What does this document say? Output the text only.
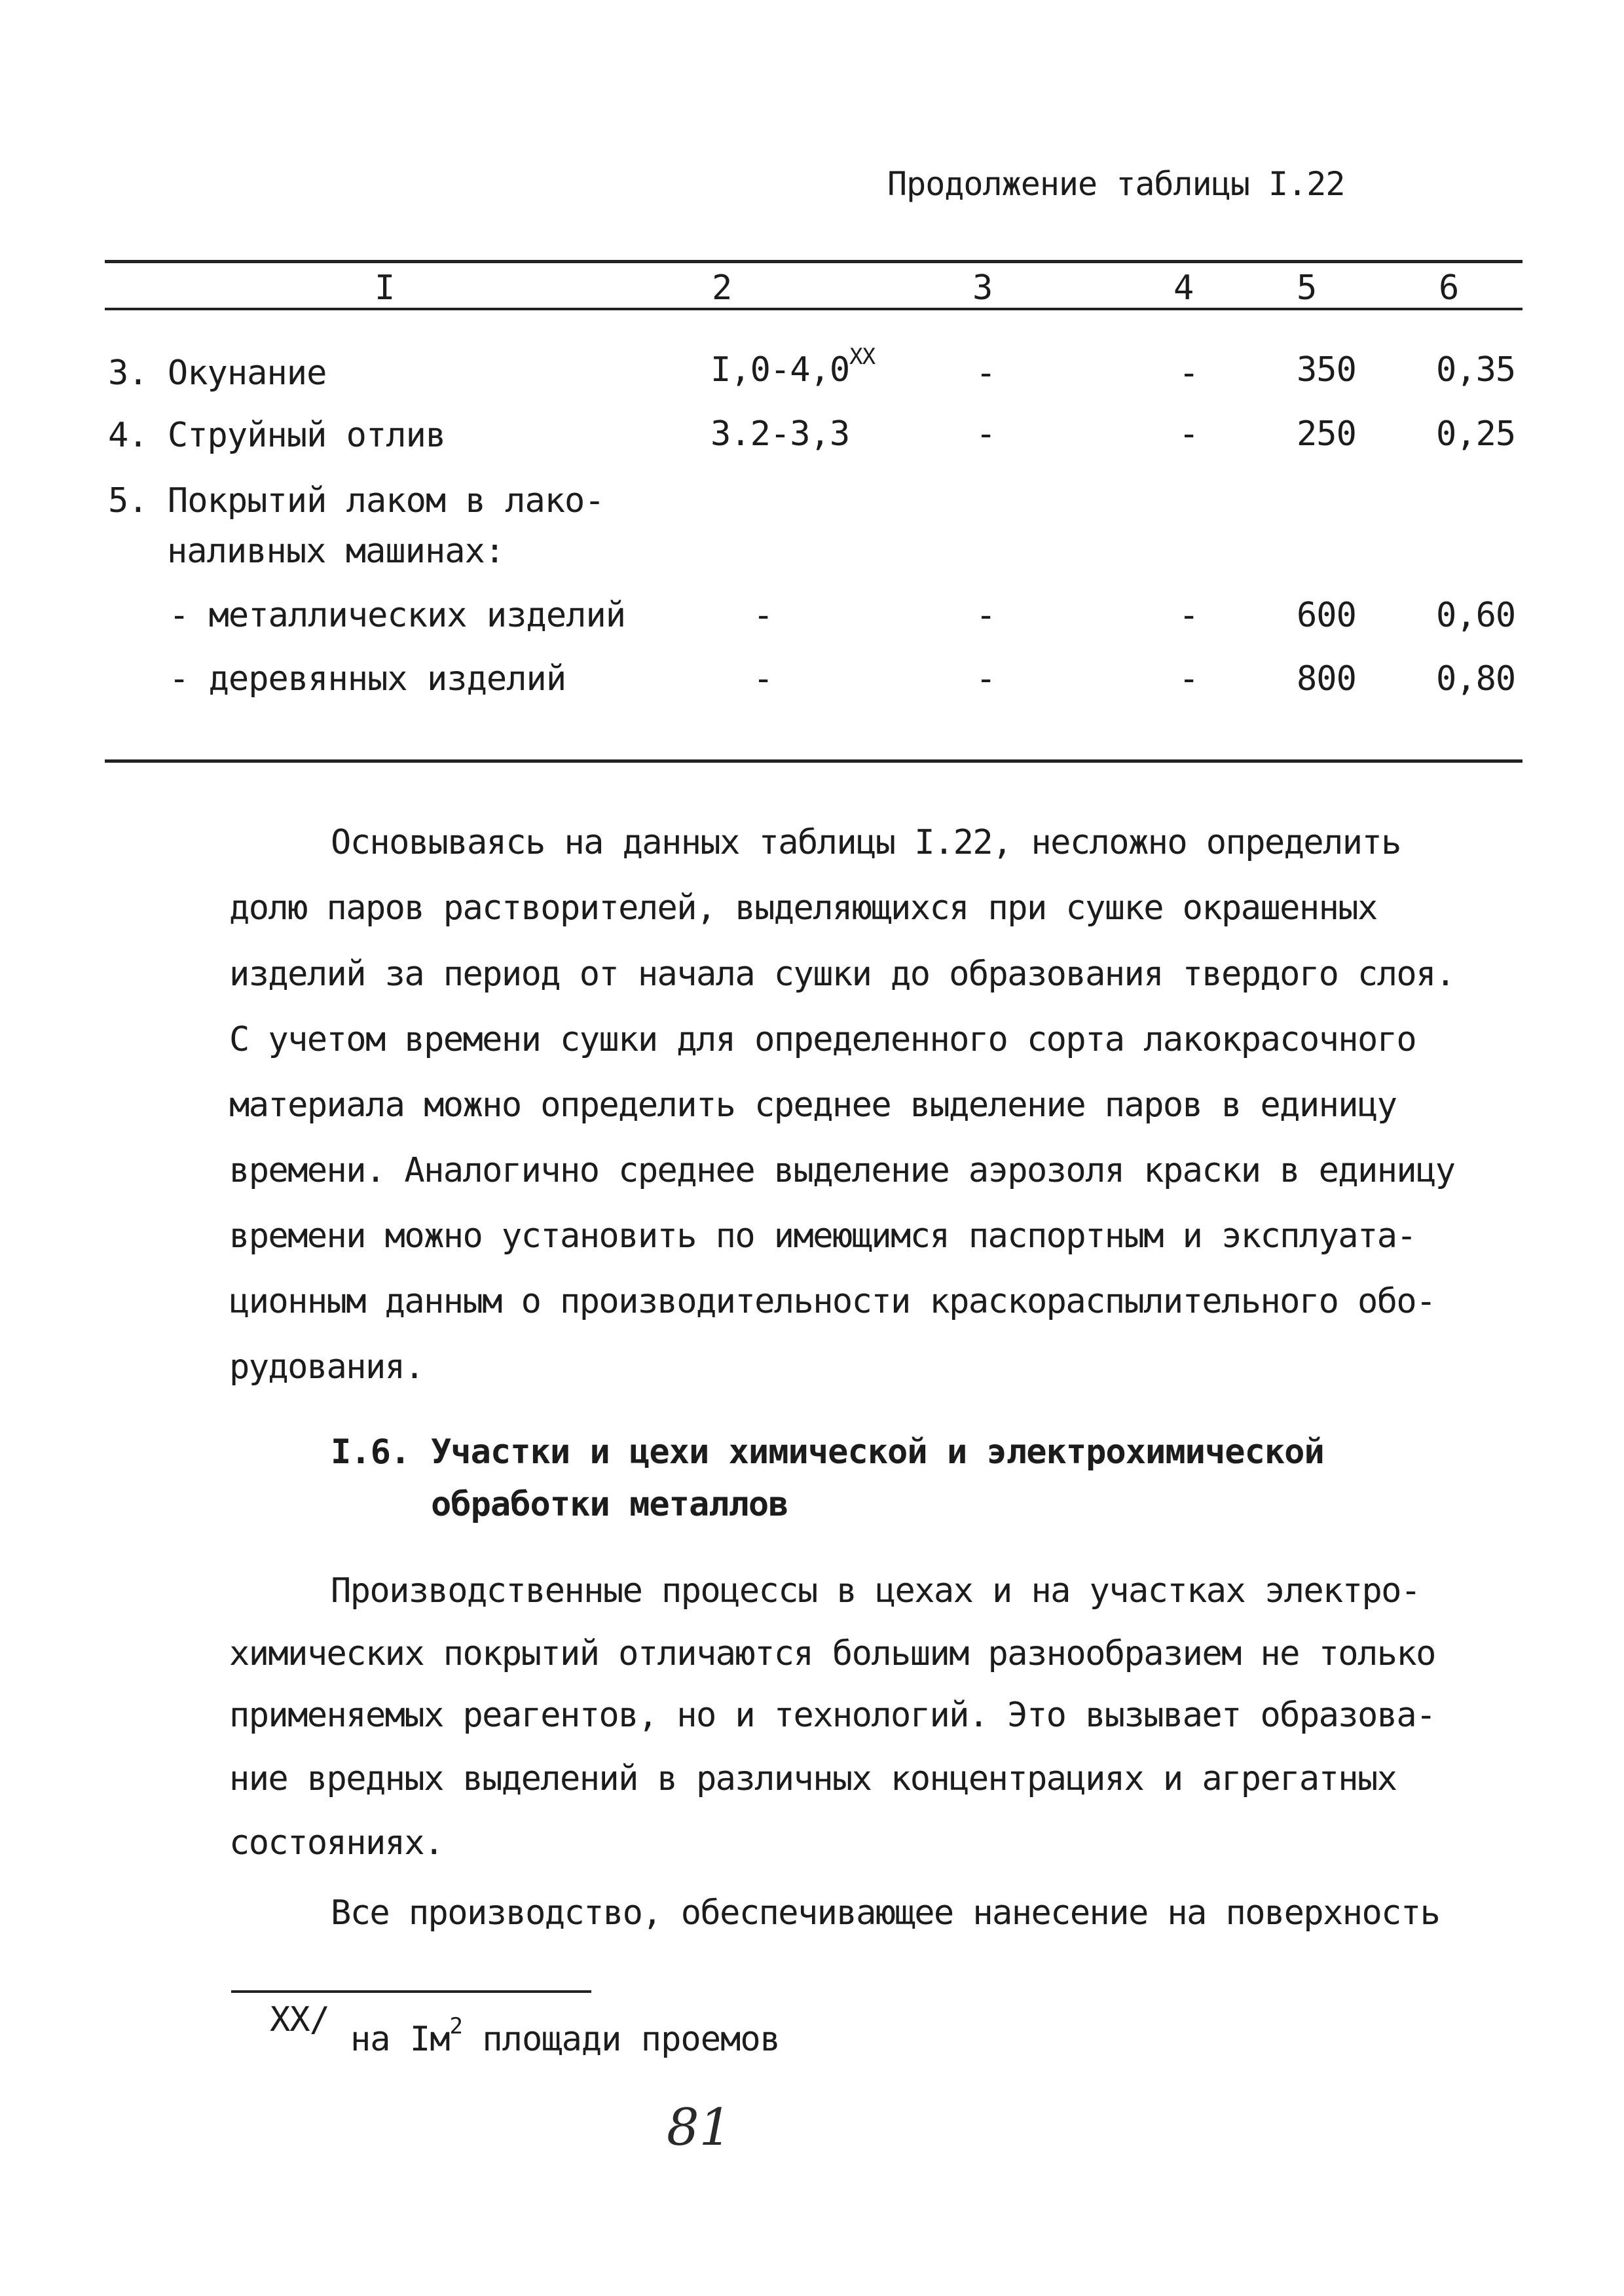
Продолжение таблицы I.22
I	2	3	4	5	6
3. Окунание	$I,0-4,0^{XX}$	-	-	350 0,35
4. Струйный отлив	3.2-3,3	-	-	250 0,25
5. Покрытий лаком в лако-
наливных машинах:
- металлических изделий	-	-	-	600 0,60
- деревянных изделий	-	-	-	800 0,80
Основываясь на данных таблицы I.22, несложно определить
долю паров растворителей, выделяющихся при сушке окрашенных
изделий за период от начала сушки до образования твердого слоя.
С учетом времени сушки для определенного сорта лакокрасочного
материала можно определить среднее выделение паров в единицу
времени. Аналогично среднее выделение аэрозоля краски в единицу
времени можно установить по имеющимся паспортным и эксплуата-
ционным данным о производительности краскораспылительного обо-
рудования.
I.6. Участки и цехи химической и электрохимической
обработки металлов
Производственные процессы в цехах и на участках электро-
химических покрытий отличаются большим разнообразием не только
применяемых реагентов, но и технологий. Это вызывает образова-
ние вредных выделений в различных концентрациях и агрегатных
состояниях.
Все производство, обеспечивающее нанесение на поверхность
XX/ на $Iм^2$ площади проемов
81
